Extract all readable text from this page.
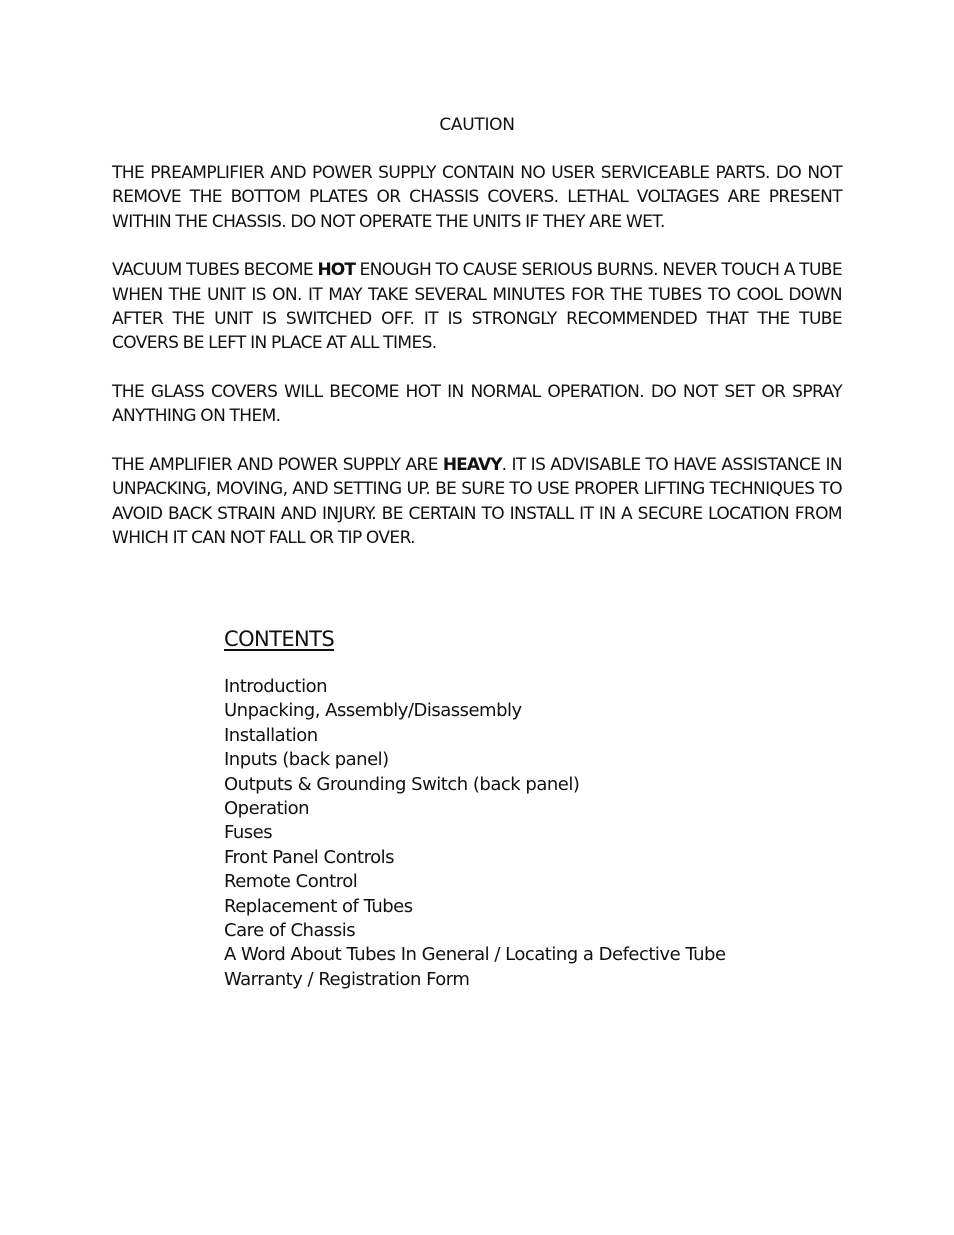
CAUTION

THE PREAMPLIFIER AND POWER SUPPLY CONTAIN NO USER SERVICEABLE PARTS. DO NOT REMOVE THE BOTTOM PLATES OR CHASSIS COVERS. LETHAL VOLTAGES ARE PRESENT WITHIN THE CHASSIS. DO NOT OPERATE THE UNITS IF THEY ARE WET.

VACUUM TUBES BECOME HOT ENOUGH TO CAUSE SERIOUS BURNS. NEVER TOUCH A TUBE WHEN THE UNIT IS ON. IT MAY TAKE SEVERAL MINUTES FOR THE TUBES TO COOL DOWN AFTER THE UNIT IS SWITCHED OFF. IT IS STRONGLY RECOMMENDED THAT THE TUBE COVERS BE LEFT IN PLACE AT ALL TIMES.

THE GLASS COVERS WILL BECOME HOT IN NORMAL OPERATION. DO NOT SET OR SPRAY ANYTHING ON THEM.

THE AMPLIFIER AND POWER SUPPLY ARE HEAVY. IT IS ADVISABLE TO HAVE ASSISTANCE IN UNPACKING, MOVING, AND SETTING UP. BE SURE TO USE PROPER LIFTING TECHNIQUES TO AVOID BACK STRAIN AND INJURY. BE CERTAIN TO INSTALL IT IN A SECURE LOCATION FROM WHICH IT CAN NOT FALL OR TIP OVER.

CONTENTS
Introduction
Unpacking, Assembly/Disassembly
Installation
Inputs (back panel)
Outputs & Grounding Switch (back panel)
Operation
Fuses
Front Panel Controls
Remote Control
Replacement of Tubes
Care of Chassis
A Word About Tubes In General / Locating a Defective Tube
Warranty / Registration Form
